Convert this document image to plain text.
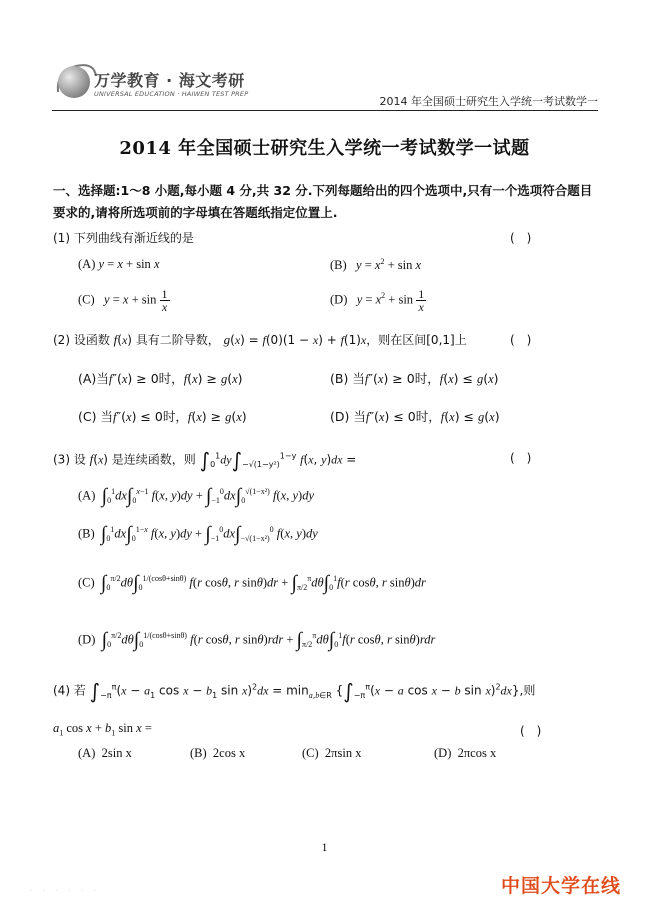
万学教育 · 海文考研
UNIVERSAL EDUCATION · HAIWEN TEST PREP
2014 年全国硕士研究生入学统一考试数学一
2014 年全国硕士研究生入学统一考试数学一试题
一、选择题:1～8 小题,每小题 4 分,共 32 分.下列每题给出的四个选项中,只有一个选项符合题目要求的,请将所选项前的字母填在答题纸指定位置上.
(1) 下列曲线有渐近线的是	(　)
(A) y = x + sin x	(B) $y = x^2 + \sin x$
(C) $y = x + \sin \frac{1}{x}$	(D) $y = x^2 + \sin \frac{1}{x}$
(2) 设函数 f(x) 具有二阶导数， g(x) = f(0)(1 − x) + f(1)x，则在区间[0,1]上	(　)
(A)当f″(x) ≥ 0时，f(x) ≥ g(x)	(B) 当f″(x) ≥ 0时，f(x) ≤ g(x)
(C) 当f″(x) ≤ 0时，f(x) ≥ g(x)	(D) 当f″(x) ≤ 0时，f(x) ≤ g(x)
(3) 设 f(x) 是连续函数，则 $\int_0^1dy\int_{-√(1-y^2)}^{1-y}$ f(x, y)dx =	(　)
(A) $\int_0^1dx\int_0^{x-1}$ f(x, $y)dy + \int_{-1}^0dx\int_0^{√(1-x^2)}$ f(x, y)dy
(B) $\int_0^1dx\int_0^{1-x}$ f(x, $y)dy + \int_{-1}^0dx\int_{-√(1-x^2)}^0$ f(x, y)dy
(C) $\int_0^{\pi/2}d\theta\int_0^{1/(cos\theta+sin\theta)}$ f(r cosθ, r $\sin\theta)dr + \int_{\pi/2}^\pi d\theta\int_0^1f(r$ cosθ, r sinθ)dr
(D) $\int_0^{\pi/2}d\theta\int_0^{1/(cos\theta+sin\theta)}$ f(r cosθ, r $\sin\theta)rdr + \int_{\pi/2}^\pi d\theta\int_0^1f(r$ cosθ, r sinθ)rdr
(4) 若 $\int_{-\pi}^\pi(x - a_1$ $\cos x - b_1$ $\sin x)^2dx = \min_{a,b\in R} \{\int_{-\pi}^\pi(x - a$ cos x − b sin x)$^2$dx},则
$a_1$ $\cos x + b_1$ sin x =	(　)
(A) 2sin x	(B) 2cos x	(C) 2πsin x	(D) 2πcos x
1
· · · · · ·	中国大学在线
